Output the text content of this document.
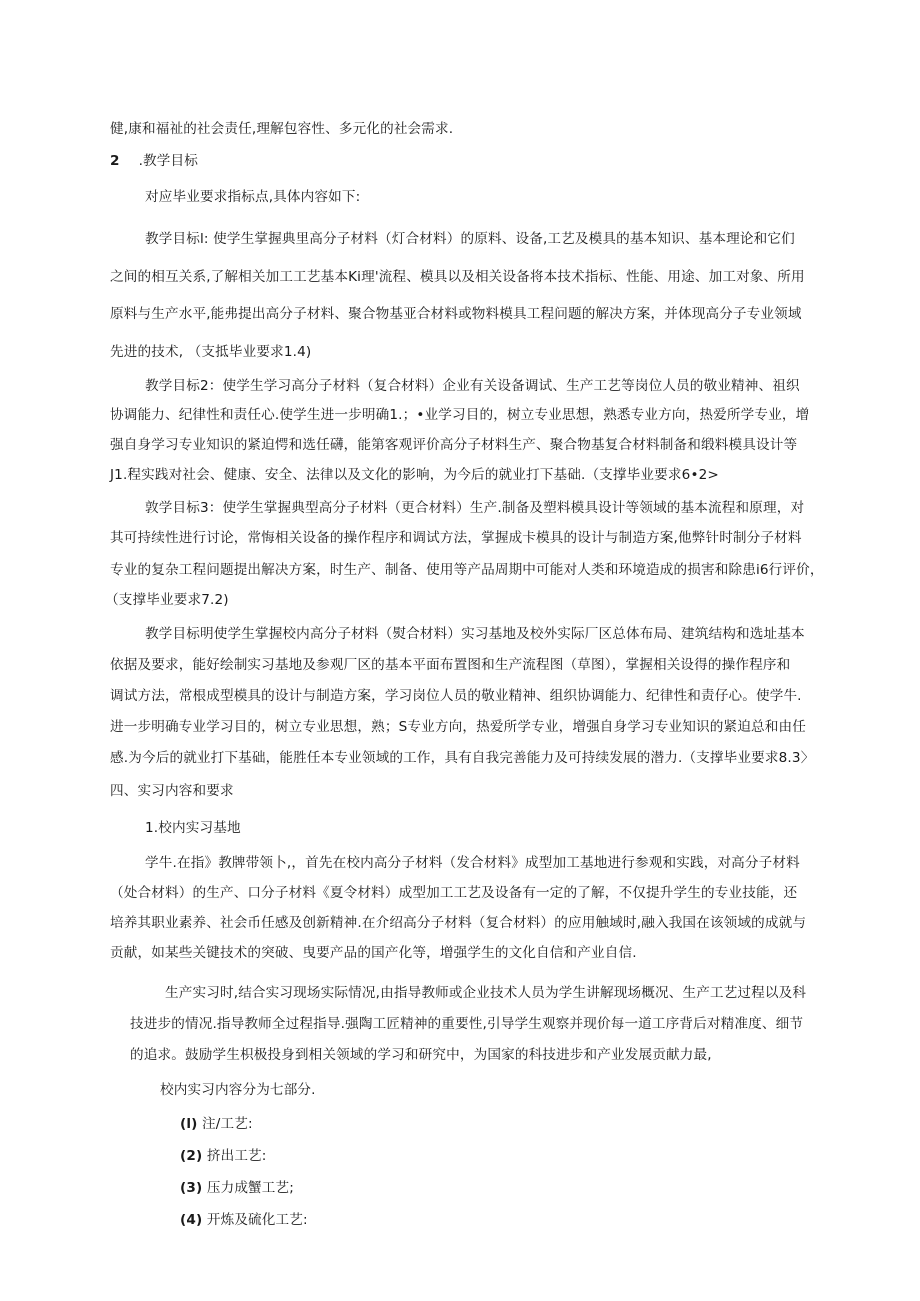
健,康和福祉的社会责任,理解包容性、多元化的社会需求.
2 .教学目标
对应毕业要求指标点,具体内容如下:
教学目标l: 使学生掌握典里高分子材料（灯合材料）的原料、设备,工艺及模具的基本知识、基本理论和它们
之间的相互关系,了解相关加工工艺基本Ki理'流程、模具以及相关设备将本技术指标、性能、用途、加工对象、所用
原料与生产水平,能弗提出高分子材料、聚合物基亚合材料或物料模具工程问题的解决方案，并体现高分子专业领域
先进的技术, （支抵毕业要求1.4)
教学目标2：使学生学习高分子材料（复合材料）企业有关设备调试、生产工艺等岗位人员的敬业精神、祖织
协调能力、纪律性和责任心.使学生进一步明确1.；•业学习目的，树立专业思想，熟悉专业方向，热爱所学专业，增
强自身学习专业知识的紧迫愕和选任礴，能第客观评价高分子材料生产、聚合物基复合材料制备和缎料模具设计等
J1.程实践对社会、健康、安全、法律以及文化的影响，为今后的就业打下基础.（支撑毕业要求6•2>
敦学目标3：使学生掌握典型高分子材料（更合材料）生产.制备及塑料模具设计等领域的基本流程和原理，对
其可持续性进行讨论，常悔相关设备的操作程序和调试方法，掌握成卡模具的设计与制造方案,他弊针时制分子材料
专业的复杂工程问题提出解决方案，时生产、制备、使用等产品周期中可能对人类和环境造成的损害和除患i6行评价，
（支撑毕业要求7.2)
教学目标明使学生掌握校内高分子材料（熨合材料）实习基地及校外实际厂区总体布局、建筑结构和选址基本
依据及要求，能好绘制实习基地及参观厂区的基本平面布置图和生产流程图（草图），掌握相关设得的操作程序和
调试方法，常根成型模具的设计与制造方案，学习岗位人员的敬业精神、组织协调能力、纪律性和责仔心。使学牛.
进一步明确专业学习目的，树立专业思想，熟；S专业方向，热爱所学专业，增强自身学习专业知识的紧迫总和由任
感.为今后的就业打下基础，能胜任本专业领域的工作，具有自我完善能力及可持续发展的潜力.（支撑毕业要求8.3〉
四、实习内容和要求
1.校内实习基地
学牛.在指》教牌带领卜,，首先在校内高分子材料（发合材料》成型加工基地进行参观和实践，对高分子材料
（处合材料）的生产、口分子材料《夏令材料）成型加工工艺及设备有一定的了解，不仅提升学生的专业技能，还
培养其职业素养、社会币任感及创新精神.在介绍高分子材料（复合材料）的应用触域时,融入我国在该领域的成就与
贡献，如某些关键技术的突破、曳要产品的国产化等，增强学生的文化自信和产业自信.
生产实习时,结合实习现场实际情况,由指导教师或企业技术人员为学生讲解现场概况、生产工艺过程以及科
技进步的情况.指导教师全过程指导.强陶工匠精神的重要性,引导学生观察并现价每一道工序背后对精准度、细节
的追求。鼓励学生枳极投身到相关领域的学习和研究中，为国家的科技进步和产业发展贡献力最,
校内实习内容分为七部分.
(l) 注/工艺:
(2) 挤出工艺:
(3) 压力成蟹工艺;
(4) 开炼及硫化工艺:
